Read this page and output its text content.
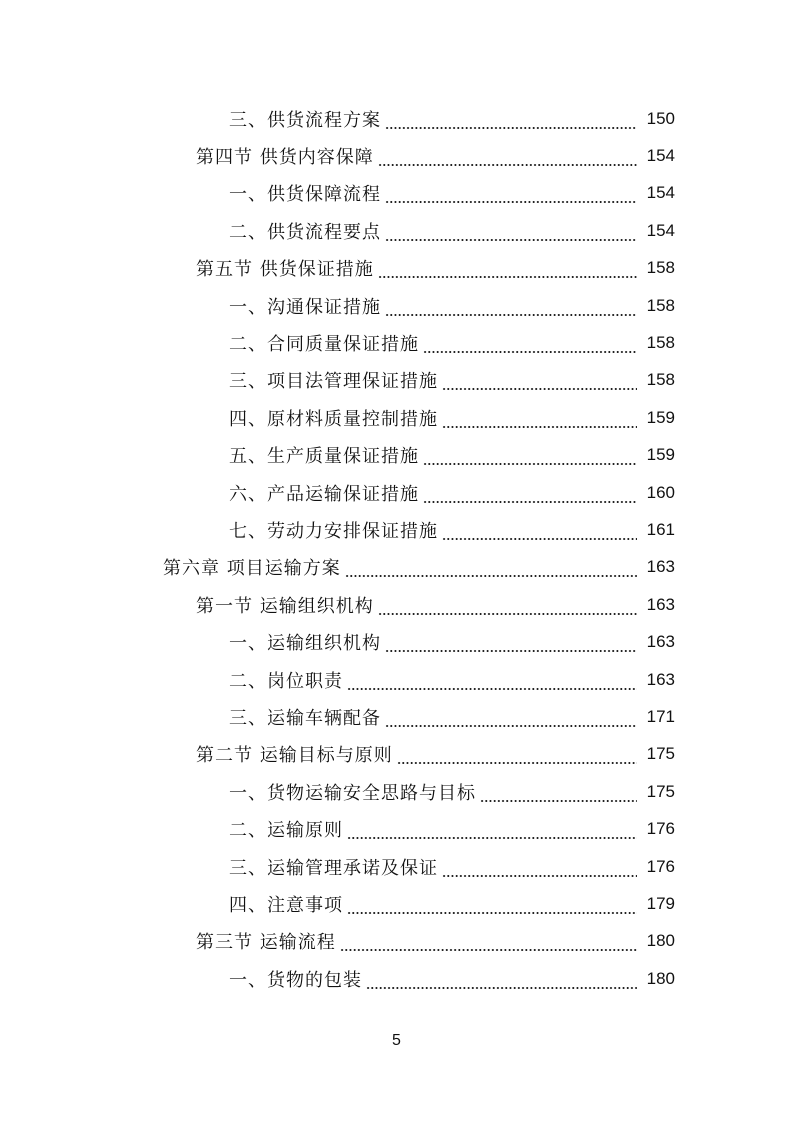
三、供货流程方案	150
第四节 供货内容保障	154
一、供货保障流程	154
二、供货流程要点	154
第五节 供货保证措施	158
一、沟通保证措施	158
二、合同质量保证措施	158
三、项目法管理保证措施	158
四、原材料质量控制措施	159
五、生产质量保证措施	159
六、产品运输保证措施	160
七、劳动力安排保证措施	161
第六章 项目运输方案	163
第一节 运输组织机构	163
一、运输组织机构	163
二、岗位职责	163
三、运输车辆配备	171
第二节 运输目标与原则	175
一、货物运输安全思路与目标	175
二、运输原则	176
三、运输管理承诺及保证	176
四、注意事项	179
第三节 运输流程	180
一、货物的包装	180
5
